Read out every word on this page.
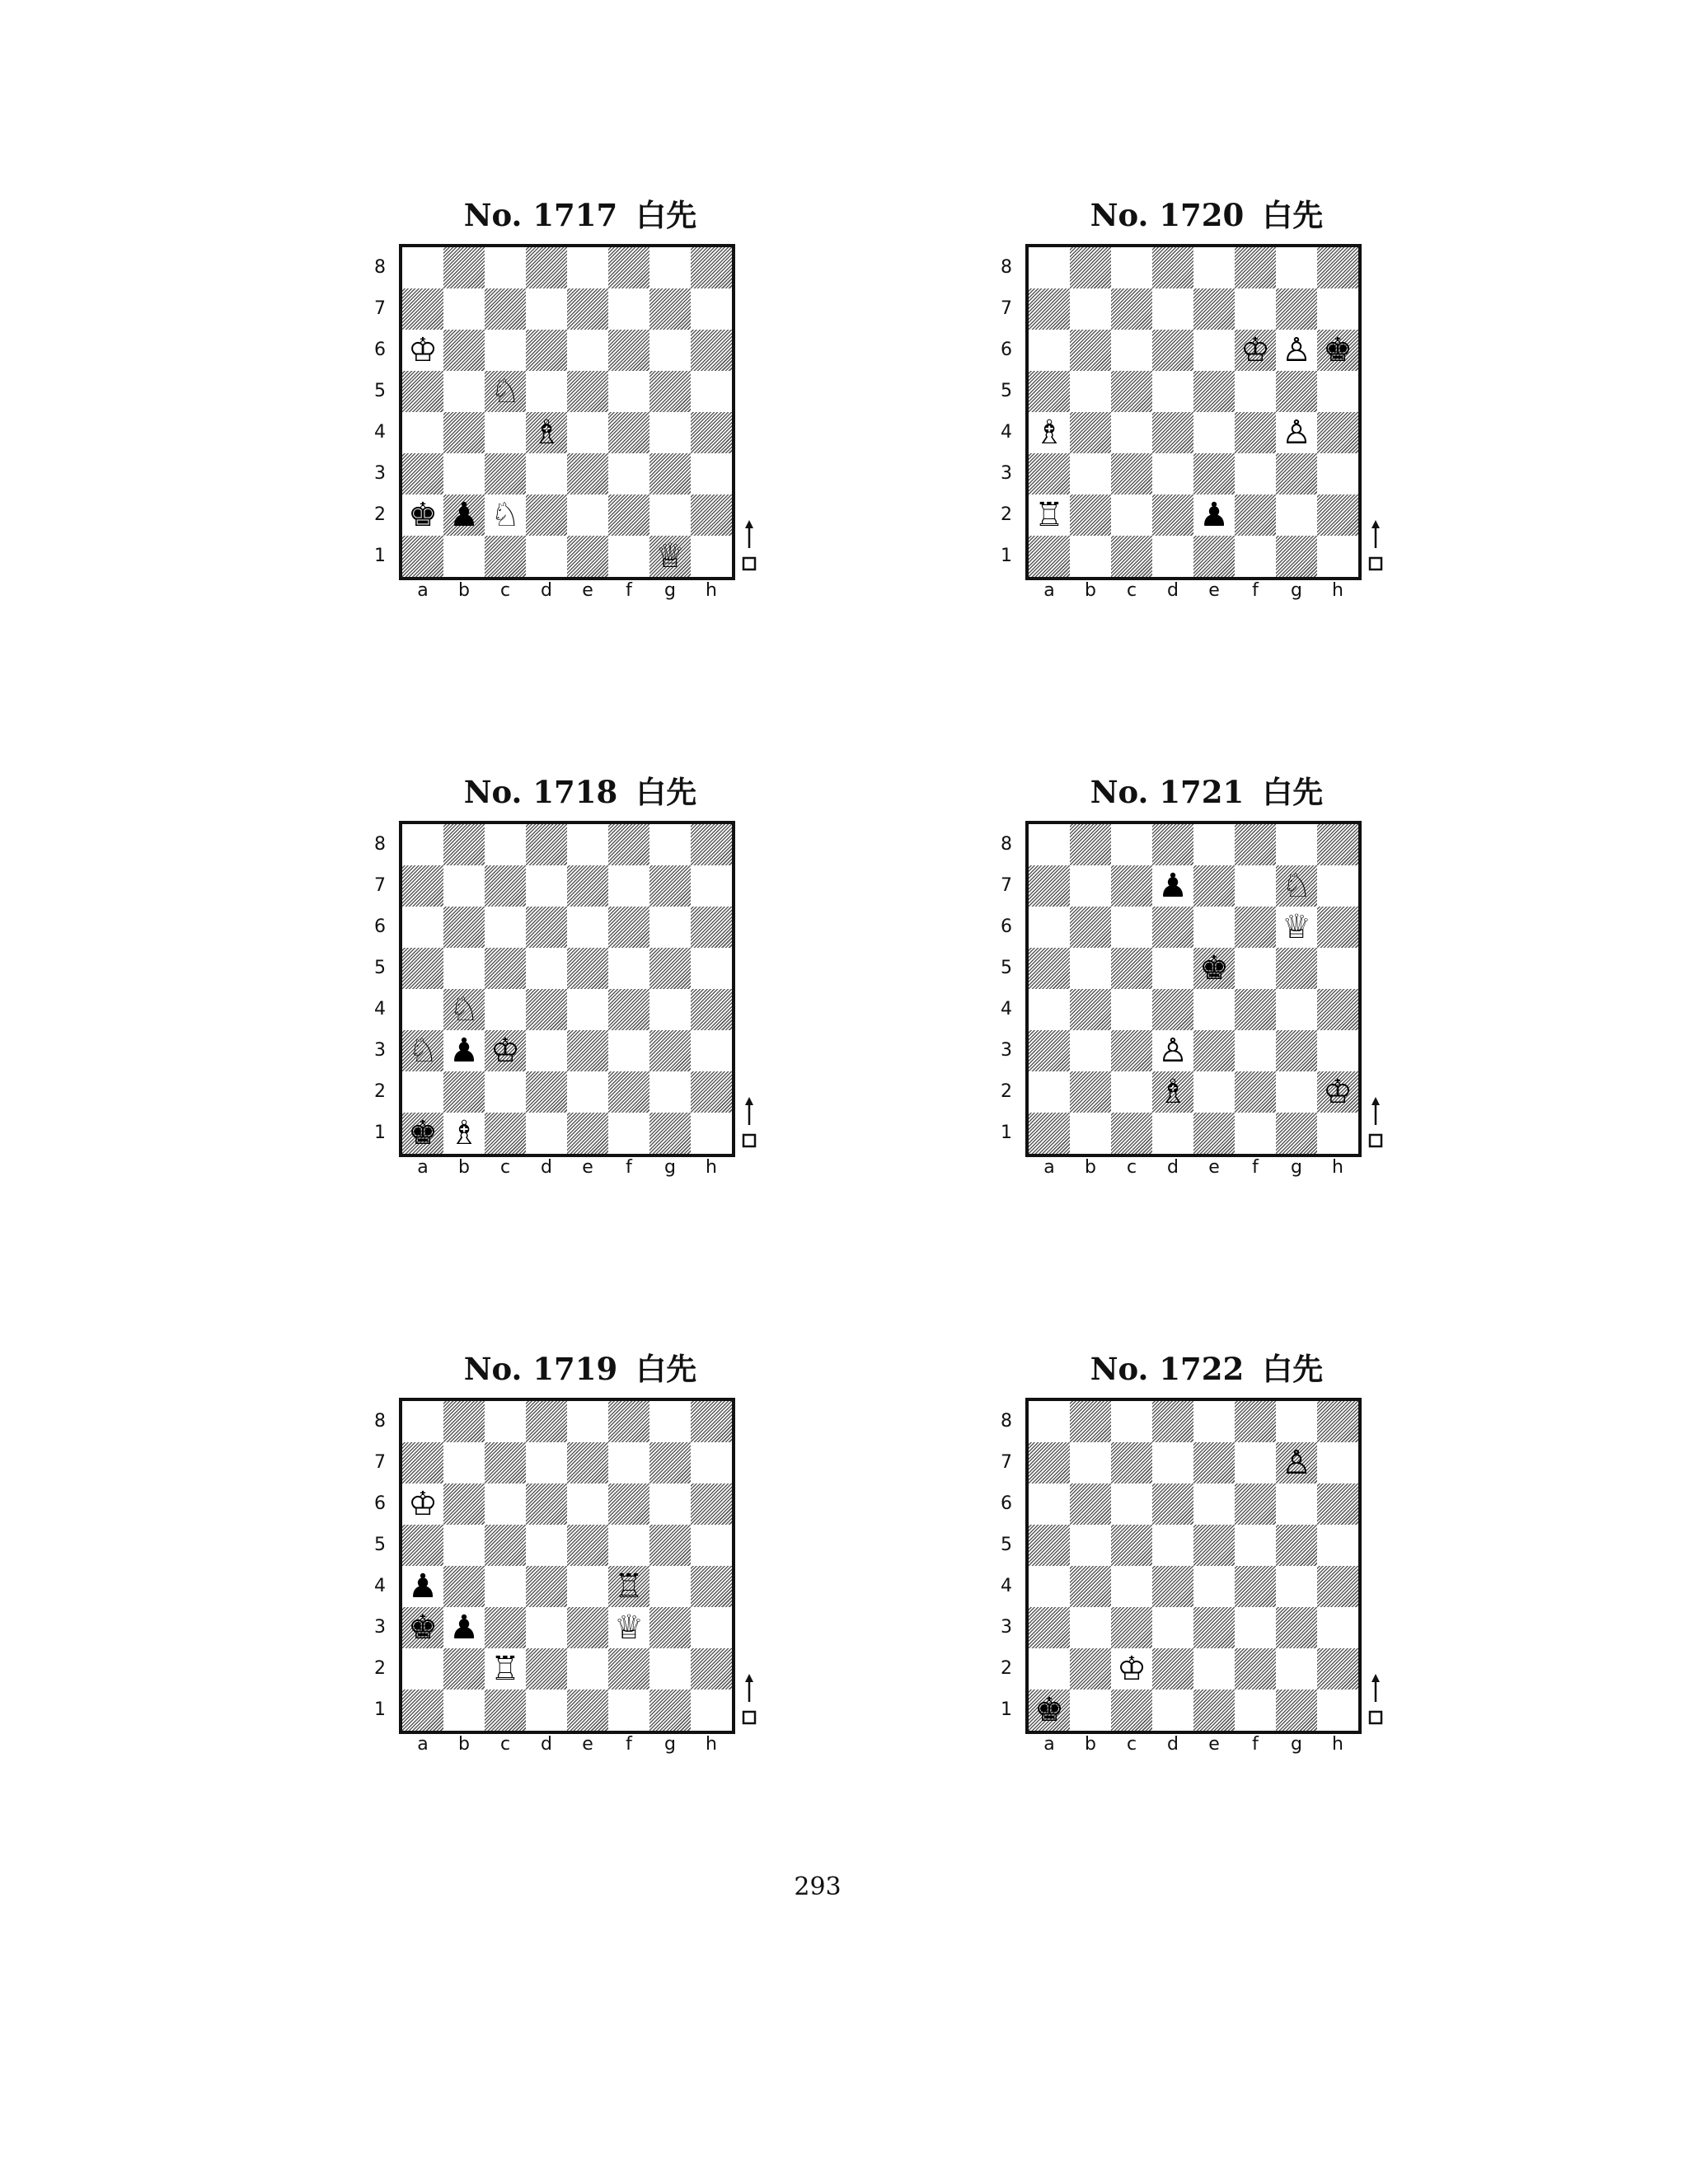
No. 1717 白先
8
7
6
5
4
3
2
1
a	b	c	d	e	f	g	h
♔
♘
♗
♚ ♟ ♘
♕
No. 1720 白先
8
7
6
5
4
3
2
1
a	b	c	d	e	f	g	h
♔ ♙ ♚
♗	♙
♖	♟
No. 1718 白先
8
7
6
5
4
3
2
1
a	b	c	d	e	f	g	h
♘
♘ ♟ ♔
♚ ♗
No. 1721 白先
8
7
6
5
4
3
2
1
a	b	c	d	e	f	g	h
♟	♘
♕
♚
♙
♗	♔
No. 1719 白先
8
7
6
5
4
3
2
1
a	b	c	d	e	f	g	h
♔
♟	♖
♚ ♟	♕
♖
No. 1722 白先
8
7
6
5
4
3
2
1
a	b	c	d	e	f	g	h
♙
♔
♚
293
